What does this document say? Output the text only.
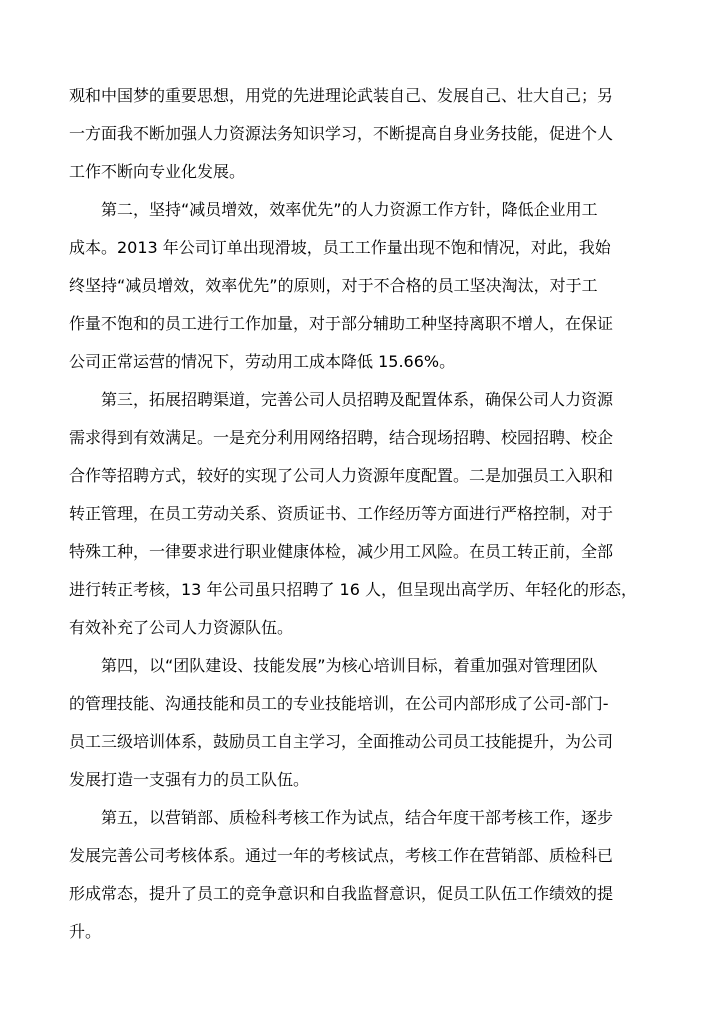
观和中国梦的重要思想，用党的先进理论武装自己、发展自己、壮大自己；另
一方面我不断加强人力资源法务知识学习，不断提高自身业务技能，促进个人
工作不断向专业化发展。
第二，坚持“减员增效，效率优先”的人力资源工作方针，降低企业用工
成本。2013 年公司订单出现滑坡，员工工作量出现不饱和情况，对此，我始
终坚持“减员增效，效率优先”的原则，对于不合格的员工坚决淘汰，对于工
作量不饱和的员工进行工作加量，对于部分辅助工种坚持离职不增人，在保证
公司正常运营的情况下，劳动用工成本降低 15.66%。
第三，拓展招聘渠道，完善公司人员招聘及配置体系，确保公司人力资源
需求得到有效满足。一是充分利用网络招聘，结合现场招聘、校园招聘、校企
合作等招聘方式，较好的实现了公司人力资源年度配置。二是加强员工入职和
转正管理，在员工劳动关系、资质证书、工作经历等方面进行严格控制，对于
特殊工种，一律要求进行职业健康体检，减少用工风险。在员工转正前，全部
进行转正考核，13 年公司虽只招聘了 16 人，但呈现出高学历、年轻化的形态，
有效补充了公司人力资源队伍。
第四，以“团队建设、技能发展”为核心培训目标，着重加强对管理团队
的管理技能、沟通技能和员工的专业技能培训，在公司内部形成了公司-部门-
员工三级培训体系，鼓励员工自主学习，全面推动公司员工技能提升，为公司
发展打造一支强有力的员工队伍。
第五，以营销部、质检科考核工作为试点，结合年度干部考核工作，逐步
发展完善公司考核体系。通过一年的考核试点，考核工作在营销部、质检科已
形成常态，提升了员工的竞争意识和自我监督意识，促员工队伍工作绩效的提
升。
